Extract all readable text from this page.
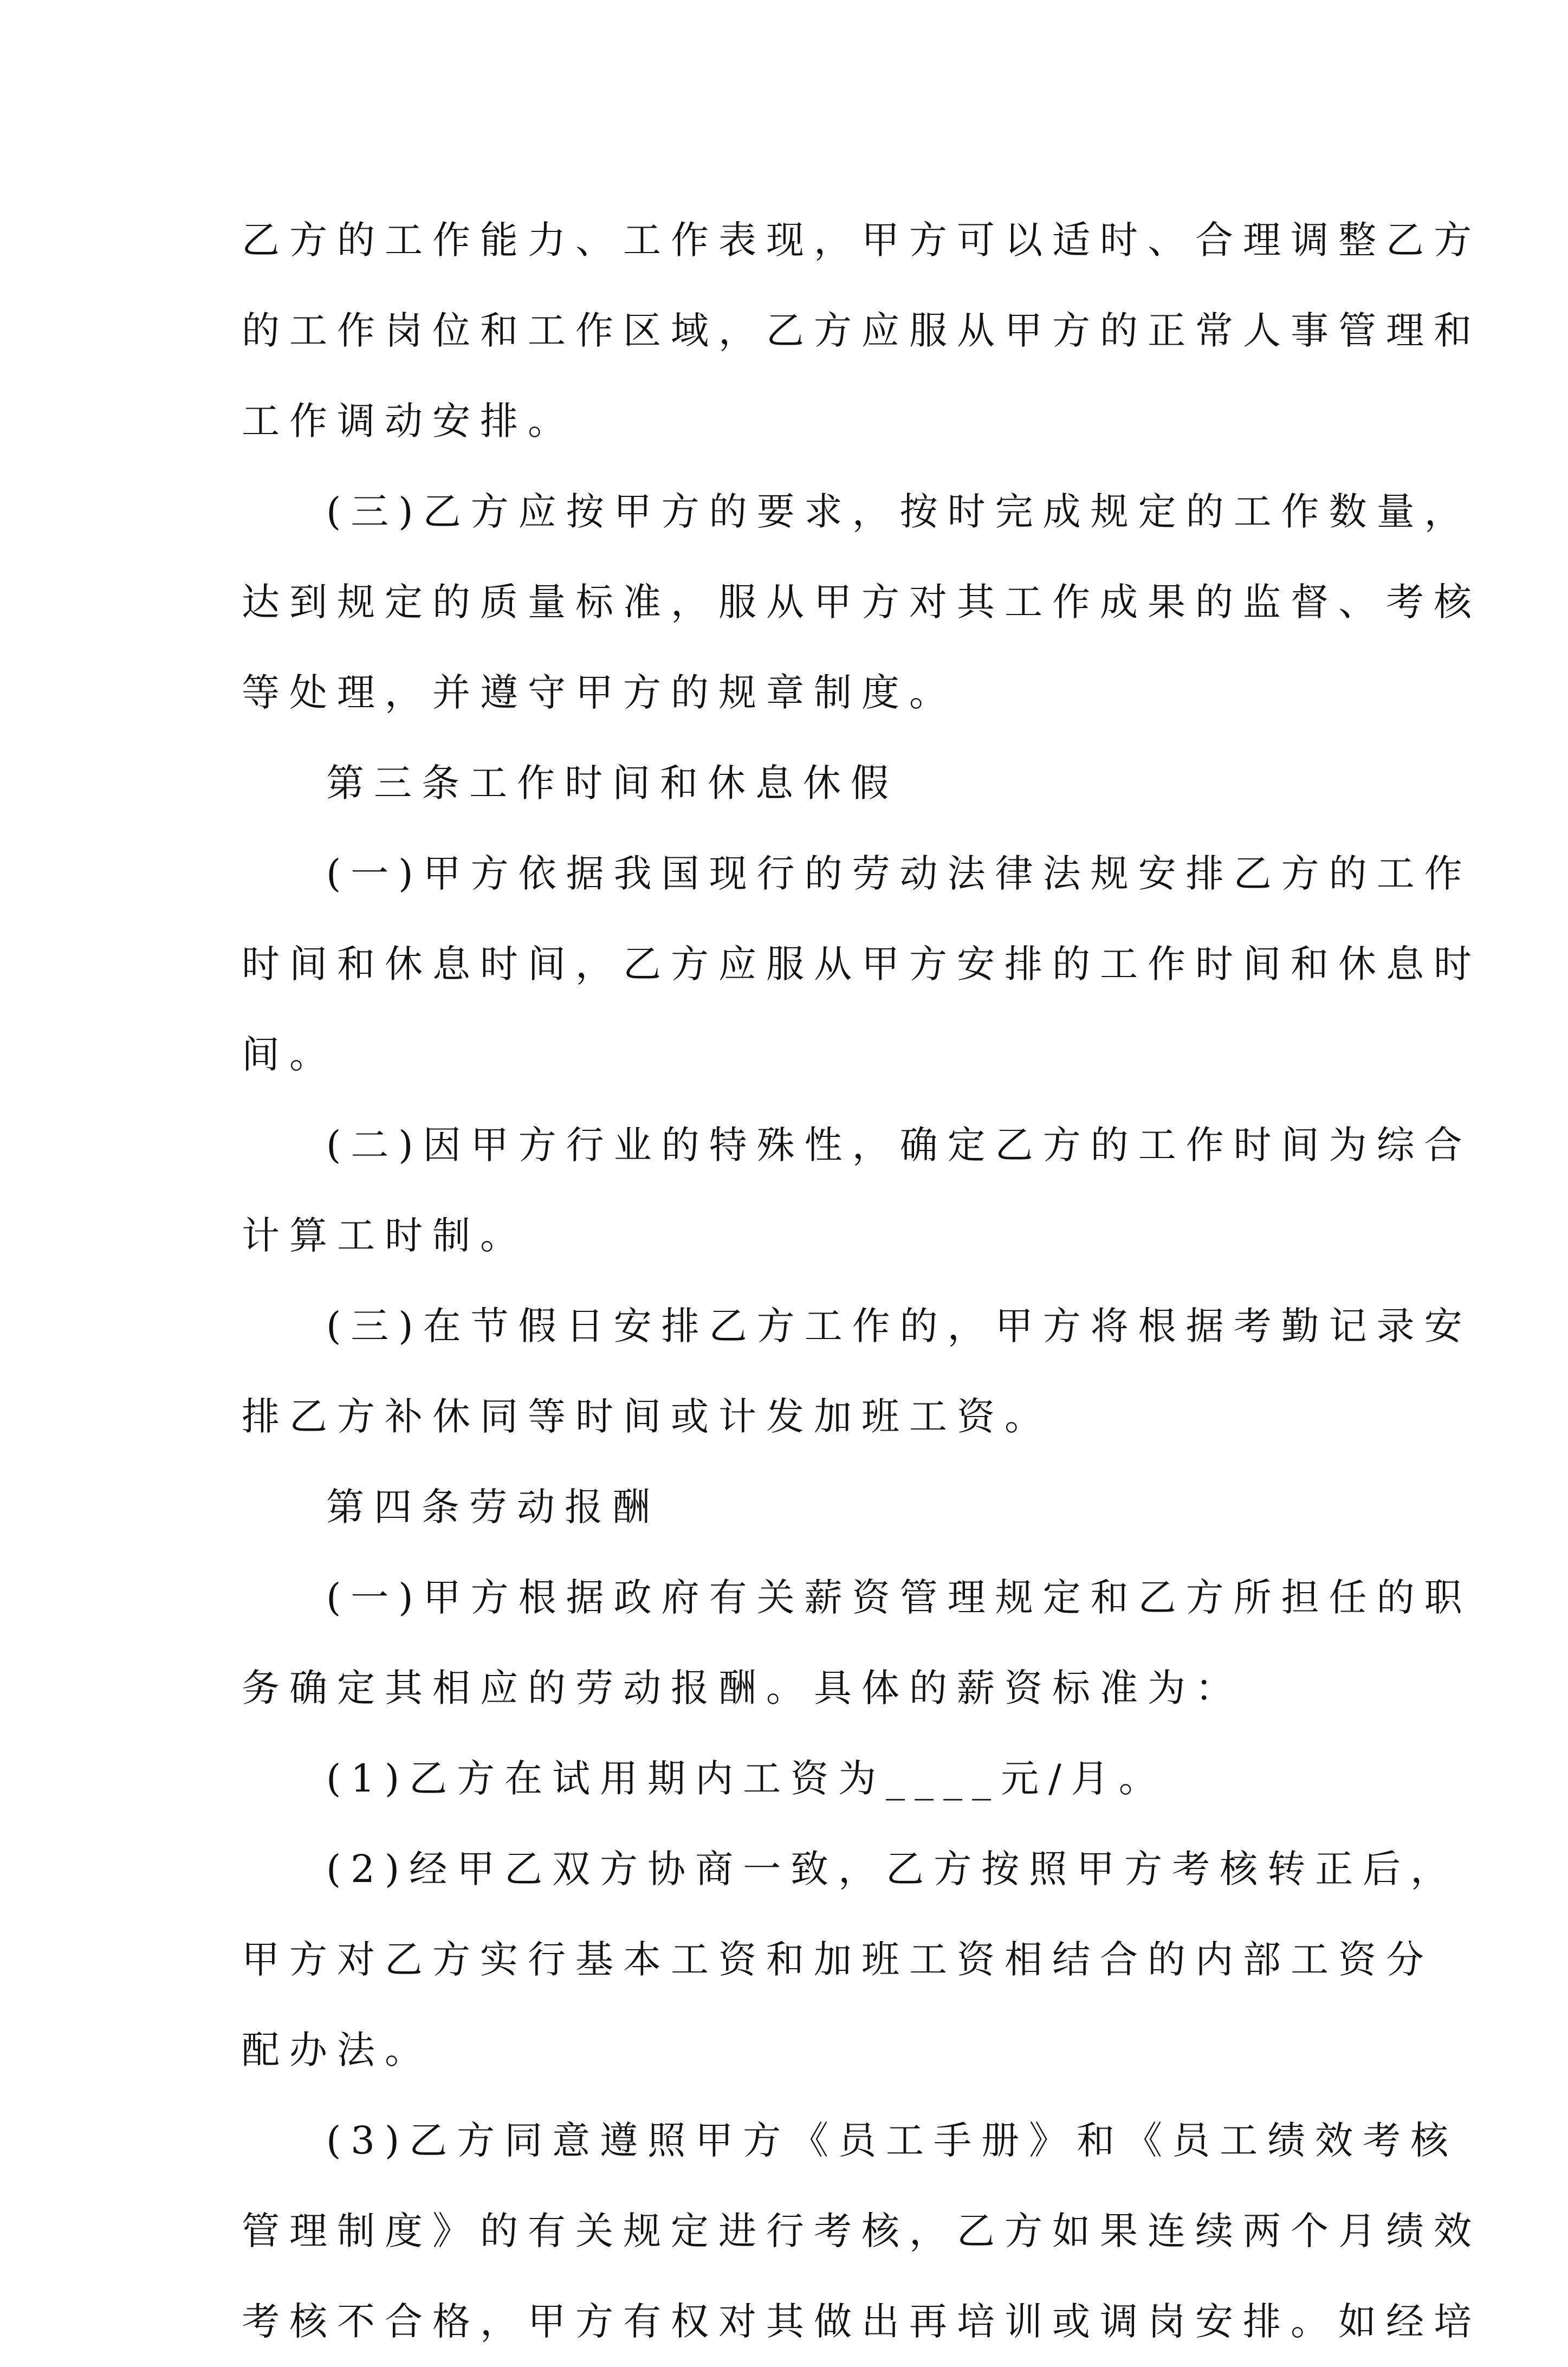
乙方的工作能力、工作表现，甲方可以适时、合理调整乙方
的工作岗位和工作区域，乙方应服从甲方的正常人事管理和
工作调动安排。
(三)乙方应按甲方的要求，按时完成规定的工作数量，
达到规定的质量标准，服从甲方对其工作成果的监督、考核
等处理，并遵守甲方的规章制度。
第三条工作时间和休息休假
(一)甲方依据我国现行的劳动法律法规安排乙方的工作
时间和休息时间，乙方应服从甲方安排的工作时间和休息时
间。
(二)因甲方行业的特殊性，确定乙方的工作时间为综合
计算工时制。
(三)在节假日安排乙方工作的，甲方将根据考勤记录安
排乙方补休同等时间或计发加班工资。
第四条劳动报酬
(一)甲方根据政府有关薪资管理规定和乙方所担任的职
务确定其相应的劳动报酬。具体的薪资标准为：
(1)乙方在试用期内工资为____元/月。
(2)经甲乙双方协商一致，乙方按照甲方考核转正后，
甲方对乙方实行基本工资和加班工资相结合的内部工资分
配办法。
(3)乙方同意遵照甲方《员工手册》和《员工绩效考核
管理制度》的有关规定进行考核，乙方如果连续两个月绩效
考核不合格，甲方有权对其做出再培训或调岗安排。如经培
